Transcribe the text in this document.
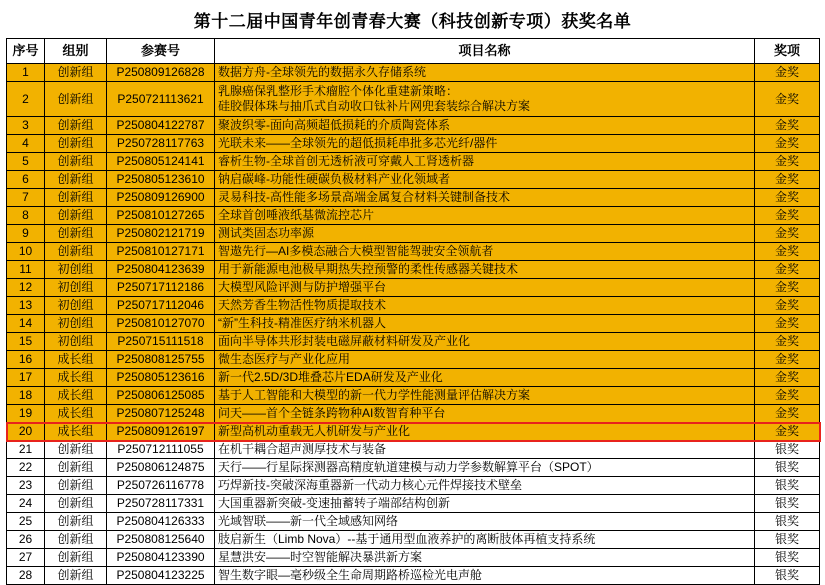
第十二届中国青年创青春大赛（科技创新专项）获奖名单
序号	组别	参赛号	项目名称	奖项
1	创新组	P250809126828	数据方舟-全球领先的数据永久存储系统	金奖
2	创新组	P250721113621	乳腺癌保乳整形手术瘤腔个体化重建新策略：
硅胶假体珠与抽爪式自动收口钛补片网兜套装综合解决方案	金奖
3	创新组	P250804122787	聚波织零-面向高频超低损耗的介质陶瓷体系	金奖
4	创新组	P250728117763	光联未来——全球领先的超低损耗串批多芯光纤/器件	金奖
5	创新组	P250805124141	睿析生物-全球首创无透析液可穿戴人工肾透析器	金奖
6	创新组	P250805123610	钠启碳峰-功能性硬碳负极材料产业化领域者	金奖
7	创新组	P250809126900	灵易科技-高性能多场景高端金属复合材料关键制备技术	金奖
8	创新组	P250810127265	全球首创唾液纸基微流控芯片	金奖
9	创新组	P250802121719	测试类固态功率源	金奖
10	创新组	P250810127171	智遨先行—AI多模态融合大模型智能驾驶安全领航者	金奖
11	初创组	P250804123639	用于新能源电池极早期热失控预警的柔性传感器关键技术	金奖
12	初创组	P250717112186	大模型风险评测与防护增强平台	金奖
13	初创组	P250717112046	天然芳香生物活性物质提取技术	金奖
14	初创组	P250810127070	“新”生科技-精准医疗纳米机器人	金奖
15	初创组	P250715111518	面向半导体共形封装电磁屏蔽材料研发及产业化	金奖
16	成长组	P250808125755	微生态医疗与产业化应用	金奖
17	成长组	P250805123616	新一代2.5D/3D堆叠芯片EDA研发及产业化	金奖
18	成长组	P250806125085	基于人工智能和大模型的新一代力学性能测量评估解决方案	金奖
19	成长组	P250807125248	问天——首个全链条跨物种AI数智育种平台	金奖
20	成长组	P250809126197	新型高机动重载无人机研发与产业化	金奖
21	创新组	P250712111055	在机干耦合超声测厚技术与装备	银奖
22	创新组	P250806124875	天行——行星际探测器高精度轨道建模与动力学参数解算平台（SPOT）	银奖
23	创新组	P250726116778	巧焊新技-突破深海重器新一代动力核心元件焊接技术壁垒	银奖
24	创新组	P250728117331	大国重器新突破-变速抽蓄转子端部结构创新	银奖
25	创新组	P250804126333	光域智联——新一代全域感知网络	银奖
26	创新组	P250808125640	肢启新生（Limb Nova）--基于通用型血液养护的离断肢体再植支持系统	银奖
27	创新组	P250804123390	星慧洪安——时空智能解决暴洪新方案	银奖
28	创新组	P250804123225	智生数字眼—毫秒级全生命周期路桥巡检光电声舱	银奖
